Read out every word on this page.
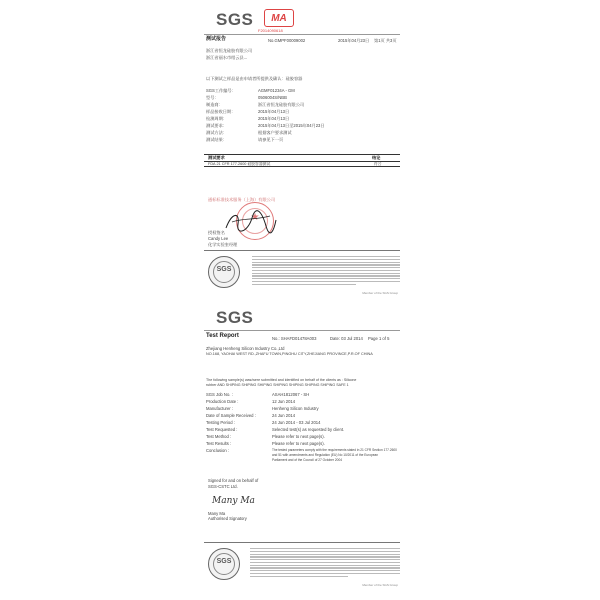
SGS	MA
F2014090618
测试报告	No.GMPF00009002	2015年04月23日 第1页 共3页
浙江省恒龙硅胶有限公司
浙江省丽水市缙云县...
以下测试之样品是由申请者所提供及确认：硅胶容器
SGS工作编号：	AGMF01234A - GM
型号：	0506004S/NBB
制造商：	浙江省恒龙硅胶有限公司
样品接收日期：	2015年04月13日
检测周期：	2015年04月13日
测试要求：	2015年04月13日至2015年04月23日
测试方法：	根据客户要求测试
测试结果：	请参见下一页
测试要求	结论
FDA 21 CFR 177.2600 硅胶容器测试	符合
通标标准技术服务（上海）有限公司
★
授权签名
Candy Lee
化学实验室经理
SGS
Member of the SGS Group
SGS
Test Report	No.: SHAFD01478A003	Date: 03 Jul 2014 Page 1 of 5
Zhejiang Henheng Silicon Industry Co.,Ltd
NO.168, YAOHAI WEST RD.,ZHAFU TOWN,PINGHU CITY,ZHEJIANG PROVINCE,P.R.OF CHINA
The following sample(s) was/were submitted and identified on behalf of the clients as : Silicone
rubber AND SHIPING SHIPING SHIPING SHIPING SHIPING SHIPING SHIPING SAFE 1
SGS Job No. :	ASAH1812067 - SH
Production Date :	12 Jun 2014
Manufacturer :	Henheng Silicon Industry
Date of Sample Received :	24 Jun 2014
Testing Period :	24 Jun 2014 - 03 Jul 2014
Test Requested :	Selected test(s) as requested by client.
Test Method :	Please refer to next page(s).
Test Results :	Please refer to next page(s).
Conclusion :	The tested parameters comply with the requirements stated in 21 CFR Section 177.2600
and 51 with amendments and Regulation (EU) No 10/2011 of the European
Parliament and of the Council of 27 October 2004
Signed for and on behalf of
SGS-CSTC Ltd.
Many Ma
Many Ma
Authorised Signatory
SGS
Member of the SGS Group
